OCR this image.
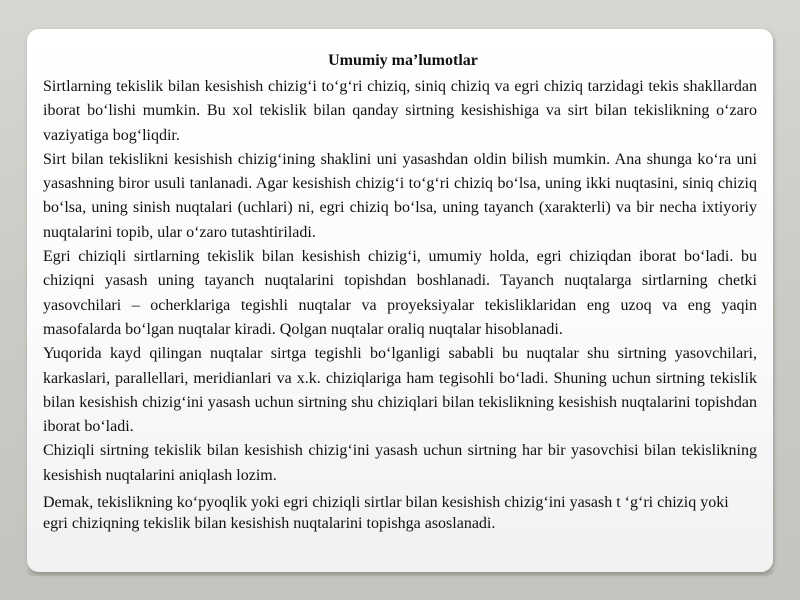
Umumiy ma’lumotlar

Sirtlarning tekislik bilan kesishish chizig‘i to‘g‘ri chiziq, siniq chiziq va egri chiziq tarzidagi tekis shakllardan iborat bo‘lishi mumkin. Bu xol tekislik bilan qanday sirtning kesishishiga va sirt bilan tekislikning o‘zaro vaziyatiga bog‘liqdir.

Sirt bilan tekislikni kesishish chizig‘ining shaklini uni yasashdan oldin bilish mumkin. Ana shunga ko‘ra uni yasashning biror usuli tanlanadi. Agar kesishish chizig‘i to‘g‘ri chiziq bo‘lsa, uning ikki nuqtasini, siniq chiziq bo‘lsa, uning sinish nuqtalari (uchlari) ni, egri chiziq bo‘lsa, uning tayanch (xarakterli) va bir necha ixtiyoriy nuqtalarini topib, ular o‘zaro tutashtiriladi.

Egri chiziqli sirtlarning tekislik bilan kesishish chizig‘i, umumiy holda, egri chiziqdan iborat bo‘ladi. bu chiziqni yasash uning tayanch nuqtalarini topishdan boshlanadi. Tayanch nuqtalarga sirtlarning chetki yasovchilari – ocherklariga tegishli nuqtalar va proyeksiyalar tekisliklaridan eng uzoq va eng yaqin masofalarda bo‘lgan nuqtalar kiradi. Qolgan nuqtalar oraliq nuqtalar hisoblanadi.

Yuqorida kayd qilingan nuqtalar sirtga tegishli bo‘lganligi sababli bu nuqtalar shu sirtning yasovchilari, karkaslari, parallellari, meridianlari va x.k. chiziqlariga ham tegisohli bo‘ladi. Shuning uchun sirtning tekislik bilan kesishish chizig‘ini yasash uchun sirtning shu chiziqlari bilan tekislikning kesishish nuqtalarini topishdan iborat bo‘ladi.

Chiziqli sirtning tekislik bilan kesishish chizig‘ini yasash uchun sirtning har bir yasovchisi bilan tekislikning kesishish nuqtalarini aniqlash lozim.

Demak, tekislikning ko‘pyoqlik yoki egri chiziqli sirtlar bilan kesishish chizig‘ini yasash t ‘g‘ri chiziq yoki egri chiziqning tekislik bilan kesishish nuqtalarini topishga asoslanadi.
